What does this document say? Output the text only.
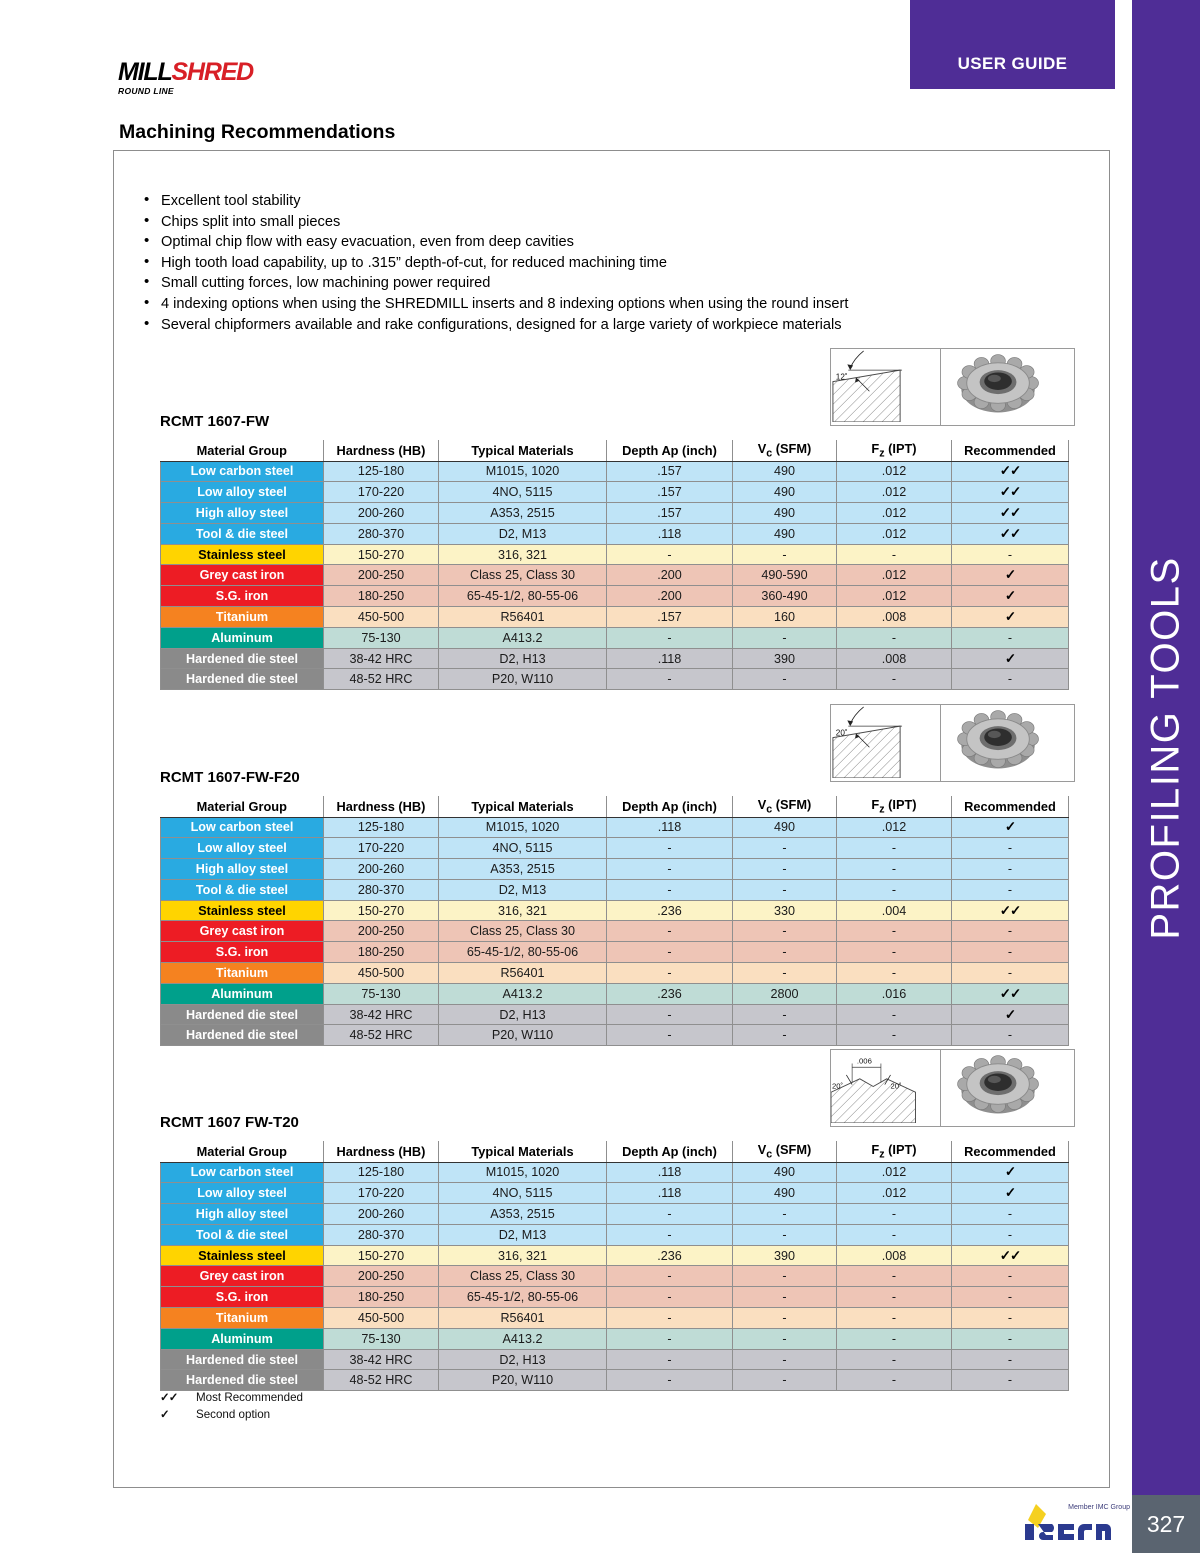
PROFILING TOOLS
327
USER GUIDE
MILLSHRED
ROUND LINE
Machining Recommendations
• Excellent tool stability
• Chips split into small pieces
• Optimal chip flow with easy evacuation, even from deep cavities
• High tooth load capability, up to .315” depth-of-cut, for reduced machining time
• Small cutting forces, low machining power required
• 4 indexing options when using the SHREDMILL inserts and 8 indexing options when using the round insert
• Several chipformers available and rake configurations, designed for a large variety of workpiece materials
12˚
RCMT 1607-FW
Material Group	Hardness (HB)	Typical Materials	Depth Ap (inch)	$V_c$ (SFM)	$F_z$ (IPT)	Recommended
Low carbon steel	125-180	M1015, 1020	.157	490	.012	✓✓
Low alloy steel	170-220	4NO, 5115	.157	490	.012	✓✓
High alloy steel	200-260	A353, 2515	.157	490	.012	✓✓
Tool & die steel	280-370	D2, M13	.118	490	.012	✓✓
Stainless steel	150-270	316, 321	-	-	-	-
Grey cast iron	200-250	Class 25, Class 30	.200	490-590	.012	✓
S.G. iron	180-250	65-45-1/2, 80-55-06	.200	360-490	.012	✓
Titanium	450-500	R56401	.157	160	.008	✓
Aluminum	75-130	A413.2	-	-	-	-
Hardened die steel	38-42 HRC	D2, H13	.118	390	.008	✓
Hardened die steel	48-52 HRC	P20, W110	-	-	-	-
20˚
RCMT 1607-FW-F20
Material Group	Hardness (HB)	Typical Materials	Depth Ap (inch)	$V_c$ (SFM)	$F_z$ (IPT)	Recommended
Low carbon steel	125-180	M1015, 1020	.118	490	.012	✓
Low alloy steel	170-220	4NO, 5115	-	-	-	-
High alloy steel	200-260	A353, 2515	-	-	-	-
Tool & die steel	280-370	D2, M13	-	-	-	-
Stainless steel	150-270	316, 321	.236	330	.004	✓✓
Grey cast iron	200-250	Class 25, Class 30	-	-	-	-
S.G. iron	180-250	65-45-1/2, 80-55-06	-	-	-	-
Titanium	450-500	R56401	-	-	-	-
Aluminum	75-130	A413.2	.236	2800	.016	✓✓
Hardened die steel	38-42 HRC	D2, H13	-	-	-	✓
Hardened die steel	48-52 HRC	P20, W110	-	-	-	-
.006
20˚	20˚
RCMT 1607 FW-T20
Material Group	Hardness (HB)	Typical Materials	Depth Ap (inch)	$V_c$ (SFM)	$F_z$ (IPT)	Recommended
Low carbon steel	125-180	M1015, 1020	.118	490	.012	✓
Low alloy steel	170-220	4NO, 5115	.118	490	.012	✓
High alloy steel	200-260	A353, 2515	-	-	-	-
Tool & die steel	280-370	D2, M13	-	-	-	-
Stainless steel	150-270	316, 321	.236	390	.008	✓✓
Grey cast iron	200-250	Class 25, Class 30	-	-	-	-
S.G. iron	180-250	65-45-1/2, 80-55-06	-	-	-	-
Titanium	450-500	R56401	-	-	-	-
Aluminum	75-130	A413.2	-	-	-	-
Hardened die steel	38-42 HRC	D2, H13	-	-	-	-
Hardened die steel	48-52 HRC	P20, W110	-	-	-	-
✓✓	Most Recommended
✓	Second option
Member IMC Group
